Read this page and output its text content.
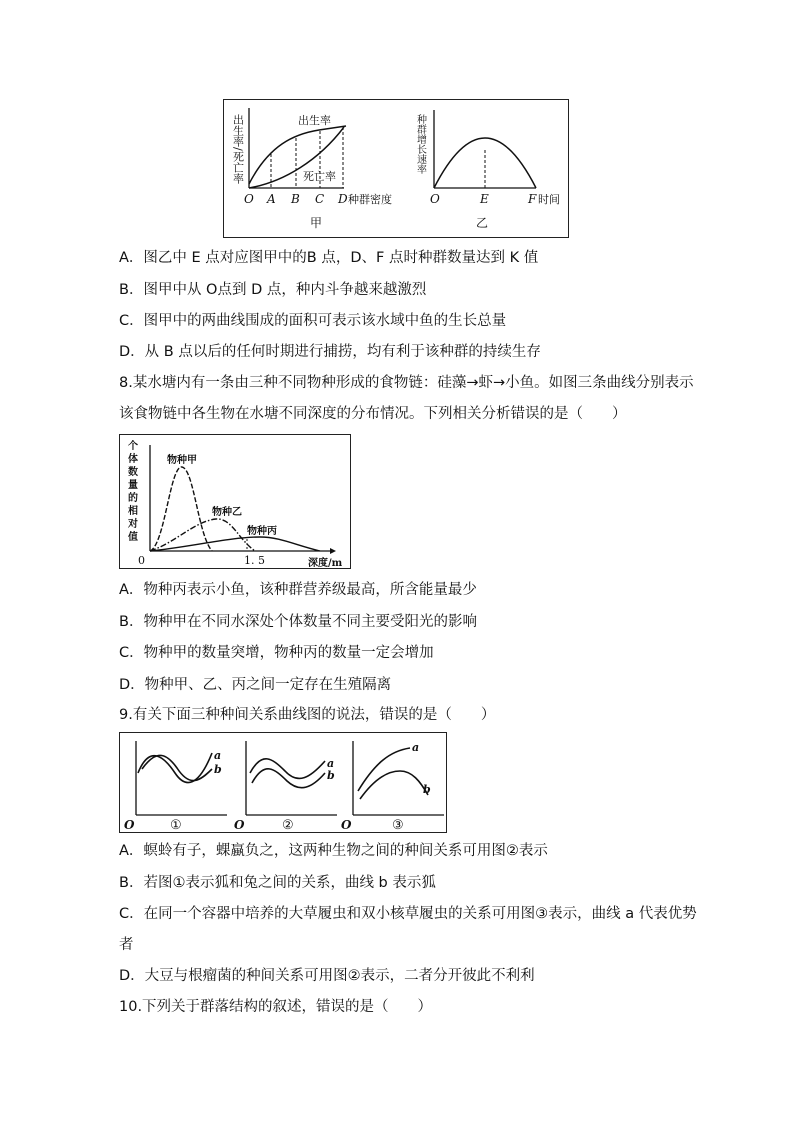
出生率/死亡率	出生率
死亡率
O A B C D 种群密度
甲
种群增长速率
O	E	F 时间
乙
A．图乙中 E 点对应图甲中的B 点，D、F 点时种群数量达到 K 值
B．图甲中从 O点到 D 点，种内斗争越来越激烈
C．图甲中的两曲线围成的面积可表示该水域中鱼的生长总量
D．从 B 点以后的任何时期进行捕捞，均有利于该种群的持续生存
8.某水塘内有一条由三种不同物种形成的食物链：硅藻→虾→小鱼。如图三条曲线分别表示
该食物链中各生物在水塘不同深度的分布情况。下列相关分析错误的是（　　）
个
体
数
量
的
相
对
值
物种甲
物种乙
物种丙
0	1. 5	深度/m
A．物种丙表示小鱼，该种群营养级最高，所含能量最少
B．物种甲在不同水深处个体数量不同主要受阳光的影响
C．物种甲的数量突增，物种丙的数量一定会增加
D．物种甲、乙、丙之间一定存在生殖隔离
9.有关下面三种种间关系曲线图的说法，错误的是（　　）
a
b
O	①
a
b
O	②
a
b
O	③
A．螟蛉有子，蜾蠃负之，这两种生物之间的种间关系可用图②表示
B．若图①表示狐和兔之间的关系，曲线 b 表示狐
C．在同一个容器中培养的大草履虫和双小核草履虫的关系可用图③表示，曲线 a 代表优势
者
D．大豆与根瘤菌的种间关系可用图②表示，二者分开彼此不利利
10.下列关于群落结构的叙述，错误的是（　　）
